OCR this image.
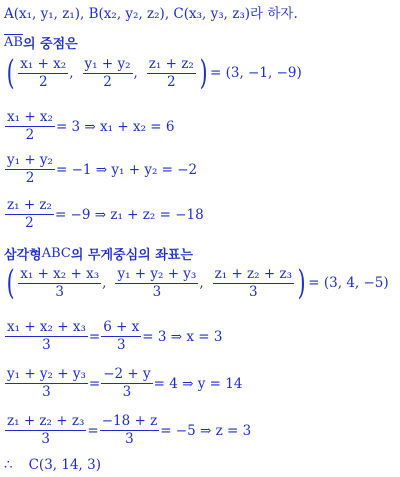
A(x₁, y₁, z₁), B(x₂, y₂, z₂), C(x₃, y₃, z₃)라 하자.
$\overline{AB}$ 의 중점은
( $\frac{\text{x₁ + x₂}}{2}$ , $\frac{\text{y₁ + y₂}}{2}$ , $\frac{\text{z₁ + z₂}}{2}$ ) = (3, −1, −9)
$\frac{\text{x₁ + x₂}}{2} = 3$ ⇒ x₁ + x₂ = 6
$\frac{\text{y₁ + y₂}}{2} = -1$ ⇒ y₁ + y₂ = −2
$\frac{\text{z₁ + z₂}}{2} = -9$ ⇒ z₁ + z₂ = −18
삼각형 ABC 의 무게중심의 좌표는
( $\frac{\text{x₁ + x₂ + x₃}}{3}$ , $\frac{\text{y₁ + y₂ + y₃}}{3}$ , $\frac{\text{z₁ + z₂ + z₃}}{3}$ ) = (3, 4, −5)
$\frac{\text{x₁ + x₂ + x₃}}{3} = \frac{6 + x}{3} = 3$ ⇒ x = 3
$\frac{\text{y₁ + y₂ + y₃}}{3} = \frac{-2 + y}{3} = 4$ ⇒ y = 14
$\frac{\text{z₁ + z₂ + z₃}}{3} = \frac{-18 + z}{3} = -5$ ⇒ z = 3
∴ C(3, 14, 3)
